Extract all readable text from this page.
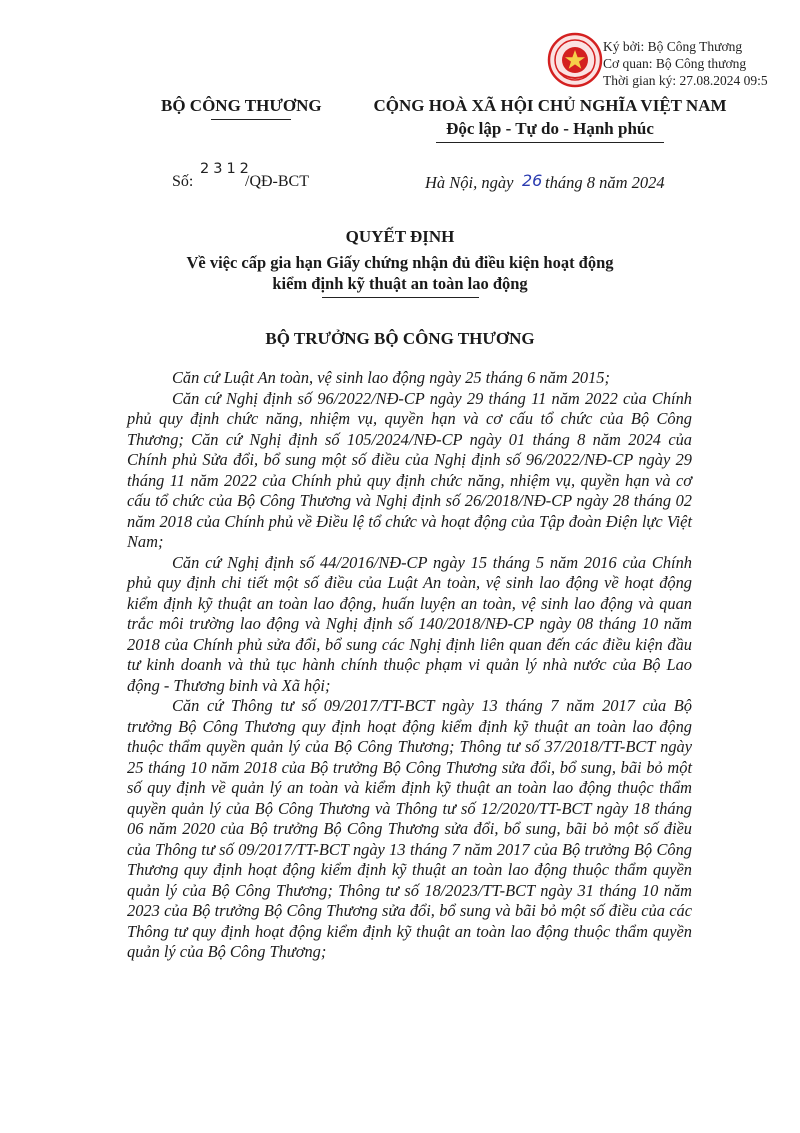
Ký bởi: Bộ Công Thương
Cơ quan: Bộ Công thương
Thời gian ký: 27.08.2024 09:5
BỘ CÔNG THƯƠNG	CỘNG HOÀ XÃ HỘI CHỦ NGHĨA VIỆT NAM
Độc lập - Tự do - Hạnh phúc
Số:
2312
/QĐ-BCT	Hà Nội, ngày 26 tháng 8 năm 2024
QUYẾT ĐỊNH
Về việc cấp gia hạn Giấy chứng nhận đủ điều kiện hoạt động
kiểm định kỹ thuật an toàn lao động
BỘ TRƯỞNG BỘ CÔNG THƯƠNG

Căn cứ Luật An toàn, vệ sinh lao động ngày 25 tháng 6 năm 2015;

Căn cứ Nghị định số 96/2022/NĐ-CP ngày 29 tháng 11 năm 2022 của Chính phủ quy định chức năng, nhiệm vụ, quyền hạn và cơ cấu tổ chức của Bộ Công Thương; Căn cứ Nghị định số 105/2024/NĐ-CP ngày 01 tháng 8 năm 2024 của Chính phủ Sửa đổi, bổ sung một số điều của Nghị định số 96/2022/NĐ-CP ngày 29 tháng 11 năm 2022 của Chính phủ quy định chức năng, nhiệm vụ, quyền hạn và cơ cấu tổ chức của Bộ Công Thương và Nghị định số 26/2018/NĐ-CP ngày 28 tháng 02 năm 2018 của Chính phủ về Điều lệ tổ chức và hoạt động của Tập đoàn Điện lực Việt Nam;

Căn cứ Nghị định số 44/2016/NĐ-CP ngày 15 tháng 5 năm 2016 của Chính phủ quy định chi tiết một số điều của Luật An toàn, vệ sinh lao động về hoạt động kiểm định kỹ thuật an toàn lao động, huấn luyện an toàn, vệ sinh lao động và quan trắc môi trường lao động và Nghị định số 140/2018/NĐ-CP ngày 08 tháng 10 năm 2018 của Chính phủ sửa đổi, bổ sung các Nghị định liên quan đến các điều kiện đầu tư kinh doanh và thủ tục hành chính thuộc phạm vi quản lý nhà nước của Bộ Lao động - Thương binh và Xã hội;

Căn cứ Thông tư số 09/2017/TT-BCT ngày 13 tháng 7 năm 2017 của Bộ trưởng Bộ Công Thương quy định hoạt động kiểm định kỹ thuật an toàn lao động thuộc thẩm quyền quản lý của Bộ Công Thương; Thông tư số 37/2018/TT-BCT ngày 25 tháng 10 năm 2018 của Bộ trưởng Bộ Công Thương sửa đổi, bổ sung, bãi bỏ một số quy định về quản lý an toàn và kiểm định kỹ thuật an toàn lao động thuộc thẩm quyền quản lý của Bộ Công Thương và Thông tư số 12/2020/TT-BCT ngày 18 tháng 06 năm 2020 của Bộ trưởng Bộ Công Thương sửa đổi, bổ sung, bãi bỏ một số điều của Thông tư số 09/2017/TT-BCT ngày 13 tháng 7 năm 2017 của Bộ trưởng Bộ Công Thương quy định hoạt động kiểm định kỹ thuật an toàn lao động thuộc thẩm quyền quản lý của Bộ Công Thương; Thông tư số 18/2023/TT-BCT ngày 31 tháng 10 năm 2023 của Bộ trưởng Bộ Công Thương sửa đổi, bổ sung và bãi bỏ một số điều của các Thông tư quy định hoạt động kiểm định kỹ thuật an toàn lao động thuộc thẩm quyền quản lý của Bộ Công Thương;
